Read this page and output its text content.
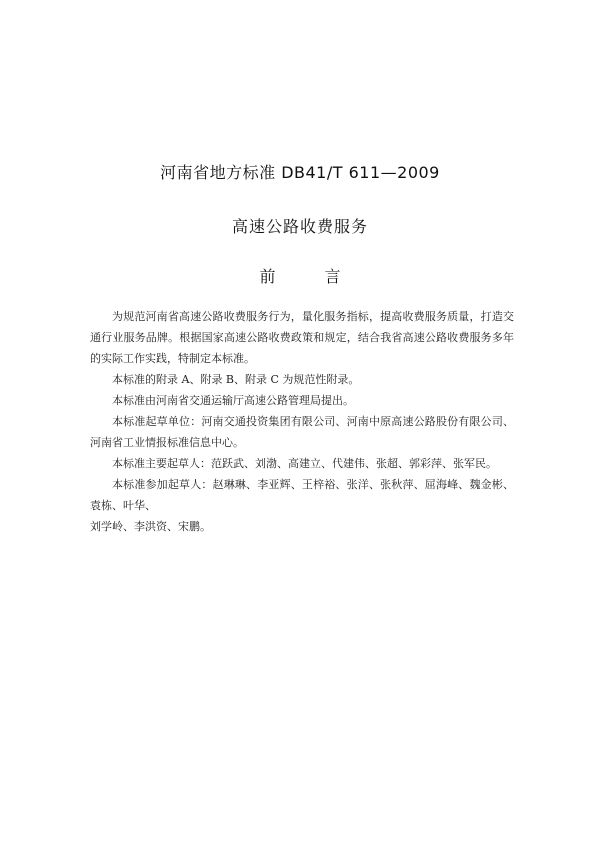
河南省地方标准 DB41/T 611—2009
高速公路收费服务
前 言

为规范河南省高速公路收费服务行为，量化服务指标，提高收费服务质量，打造交通行业服务品牌。根据国家高速公路收费政策和规定，结合我省高速公路收费服务多年的实际工作实践，特制定本标准。

本标准的附录 A、附录 B、附录 C 为规范性附录。

本标准由河南省交通运输厅高速公路管理局提出。

本标准起草单位：河南交通投资集团有限公司、河南中原高速公路股份有限公司、河南省工业情报标准信息中心。

本标准主要起草人：范跃武、刘渤、高建立、代建伟、张超、郭彩萍、张军民。

本标准参加起草人：赵琳琳、李亚辉、王梓裕、张洋、张秋萍、屈海峰、魏金彬、袁栋、叶华、

刘学岭、李洪资、宋鹏。
